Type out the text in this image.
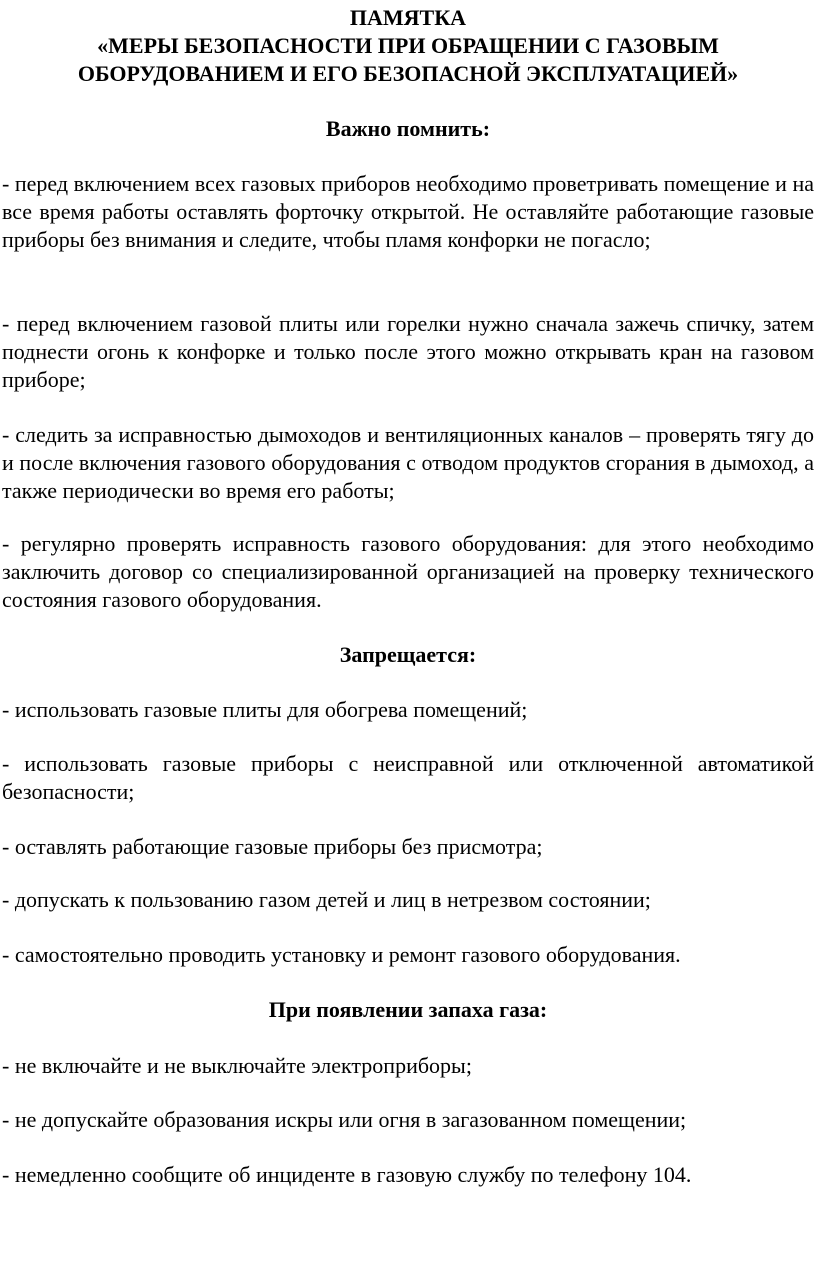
ПАМЯТКА
«МЕРЫ БЕЗОПАСНОСТИ ПРИ ОБРАЩЕНИИ С ГАЗОВЫМ
ОБОРУДОВАНИЕМ И ЕГО БЕЗОПАСНОЙ ЭКСПЛУАТАЦИЕЙ»
Важно помнить:

- перед включением всех газовых приборов необходимо проветривать помещение и на все время работы оставлять форточку открытой. Не оставляйте работающие газовые приборы без внимания и следите, чтобы пламя конфорки не погасло;

- перед включением газовой плиты или горелки нужно сначала зажечь спичку, затем поднести огонь к конфорке и только после этого можно открывать кран на газовом приборе;

- следить за исправностью дымоходов и вентиляционных каналов – проверять тягу до и после включения газового оборудования с отводом продуктов сгорания в дымоход, а также периодически во время его работы;

- регулярно проверять исправность газового оборудования: для этого необходимо заключить договор со специализированной организацией на проверку технического состояния газового оборудования.

Запрещается:

- использовать газовые плиты для обогрева помещений;

- использовать газовые приборы с неисправной или отключенной автоматикой безопасности;

- оставлять работающие газовые приборы без присмотра;

- допускать к пользованию газом детей и лиц в нетрезвом состоянии;

- самостоятельно проводить установку и ремонт газового оборудования.

При появлении запаха газа:

- не включайте и не выключайте электроприборы;

- не допускайте образования искры или огня в загазованном помещении;

- немедленно сообщите об инциденте в газовую службу по телефону 104.
